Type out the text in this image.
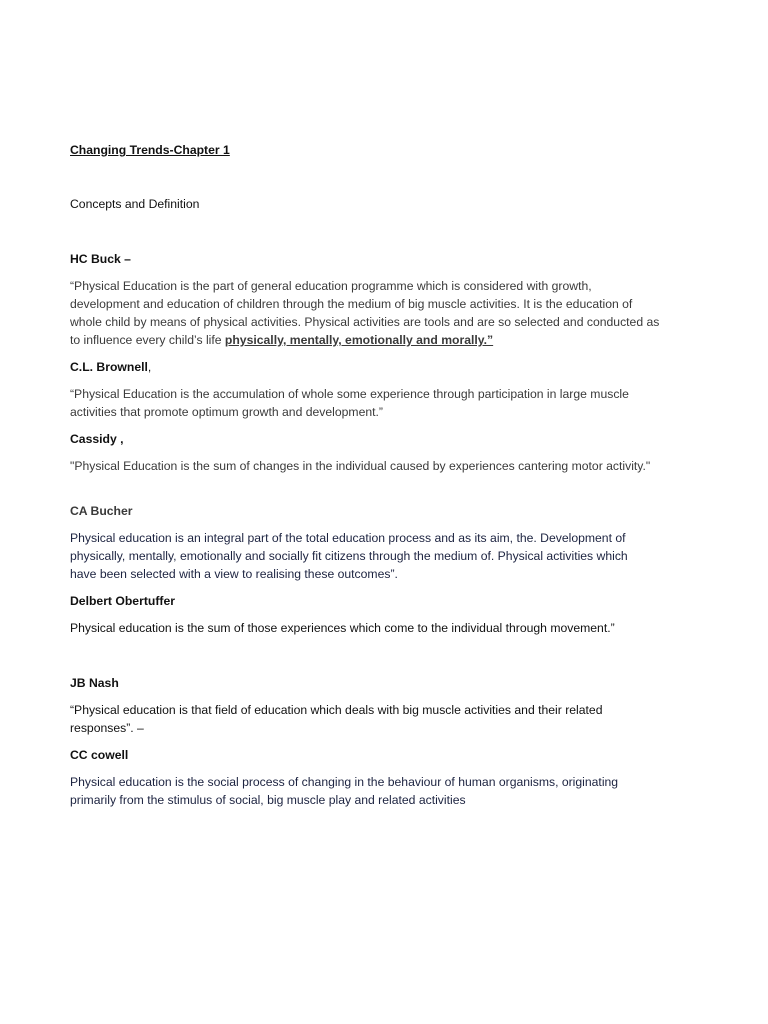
Changing Trends-Chapter 1
Concepts and Definition
HC Buck –
“Physical Education is the part of general education programme which is considered with growth,
development and education of children through the medium of big muscle activities. It is the education of
whole child by means of physical activities. Physical activities are tools and are so selected and conducted as
to influence every child’s life physically, mentally, emotionally and morally.”
C.L. Brownell,
“Physical Education is the accumulation of whole some experience through participation in large muscle
activities that promote optimum growth and development.”
Cassidy ,
"Physical Education is the sum of changes in the individual caused by experiences cantering motor activity."
CA Bucher
Physical education is an integral part of the total education process and as its aim, the. Development of
physically, mentally, emotionally and socially fit citizens through the medium of. Physical activities which
have been selected with a view to realising these outcomes”.
Delbert Obertuffer
Physical education is the sum of those experiences which come to the individual through movement.”
JB Nash
“Physical education is that field of education which deals with big muscle activities and their related
responses”. –
CC cowell
Physical education is the social process of changing in the behaviour of human organisms, originating
primarily from the stimulus of social, big muscle play and related activities
